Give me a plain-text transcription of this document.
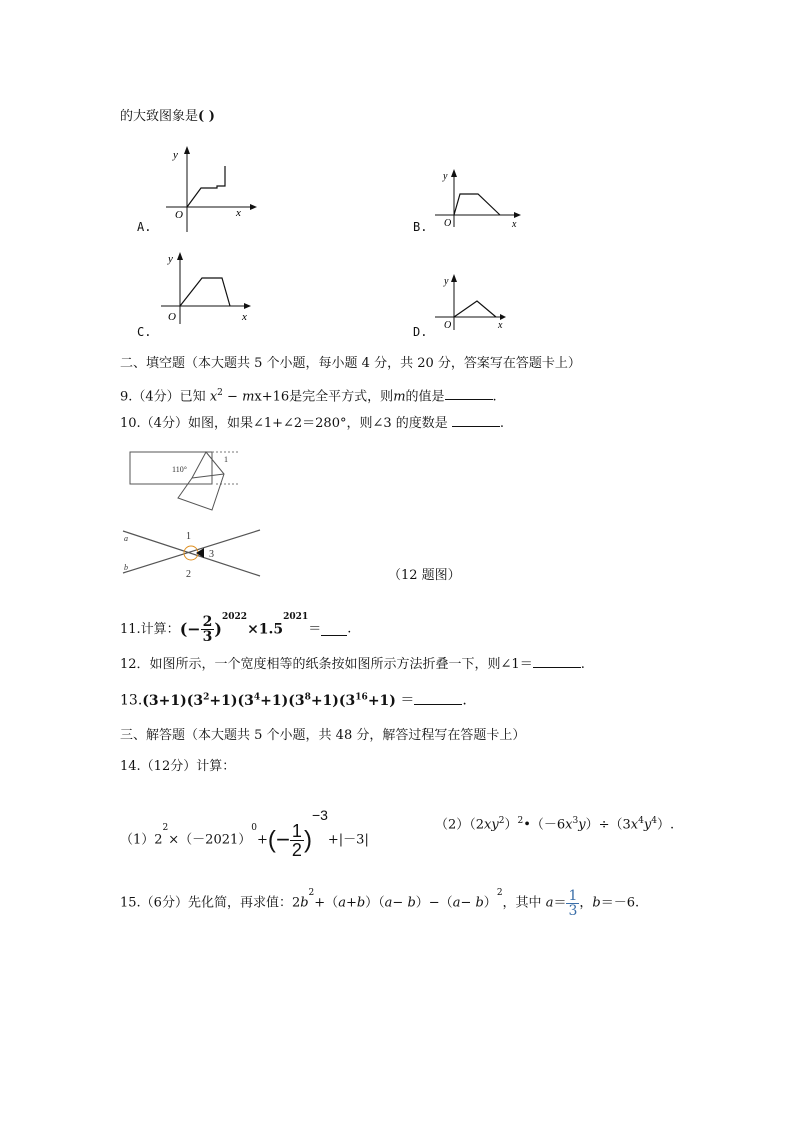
的大致图象是( )
A.
y
x
O
B.
y
x
O
C.
y
x
O
D.
y
x
O
二、填空题（本大题共 5 个小题，每小题 4 分，共 20 分，答案写在答题卡上）
9.（4分）已知 $x^2 - mx+16$是完全平方式，则m的值是	.
10.（4分）如图，如果∠1+∠2＝280°，则∠3 的度数是	.
110°
1
1
2
3
a
b
（12 题图）
11.计算：(− $\frac{2}{3} )^{2022}\times 1.5^{2021}=$ .
12．如图所示，一个宽度相等的纸条按如图所示方法折叠一下，则∠1＝	.
$13.(3+1)(3^2+1)(3^4+1)(3^8+1)(3^{16}+1)$ ＝	.
三、解答题（本大题共 5 个小题，共 48 分，解答过程写在答题卡上）
14.（12分）计算：
$(1)2^2\times(-2021)^0+(- \frac{1}{2} )^{-3}+|-3|$
$(2)(2xy^2)^2•(-6x^3y)\div(3x^4y^4)$.
15.（6分）先化简，再求值：$2b^2+(a+b)(a- b)-(a- b)^2$，其中 $a= \frac{1}{3}$ ，b＝－6.
